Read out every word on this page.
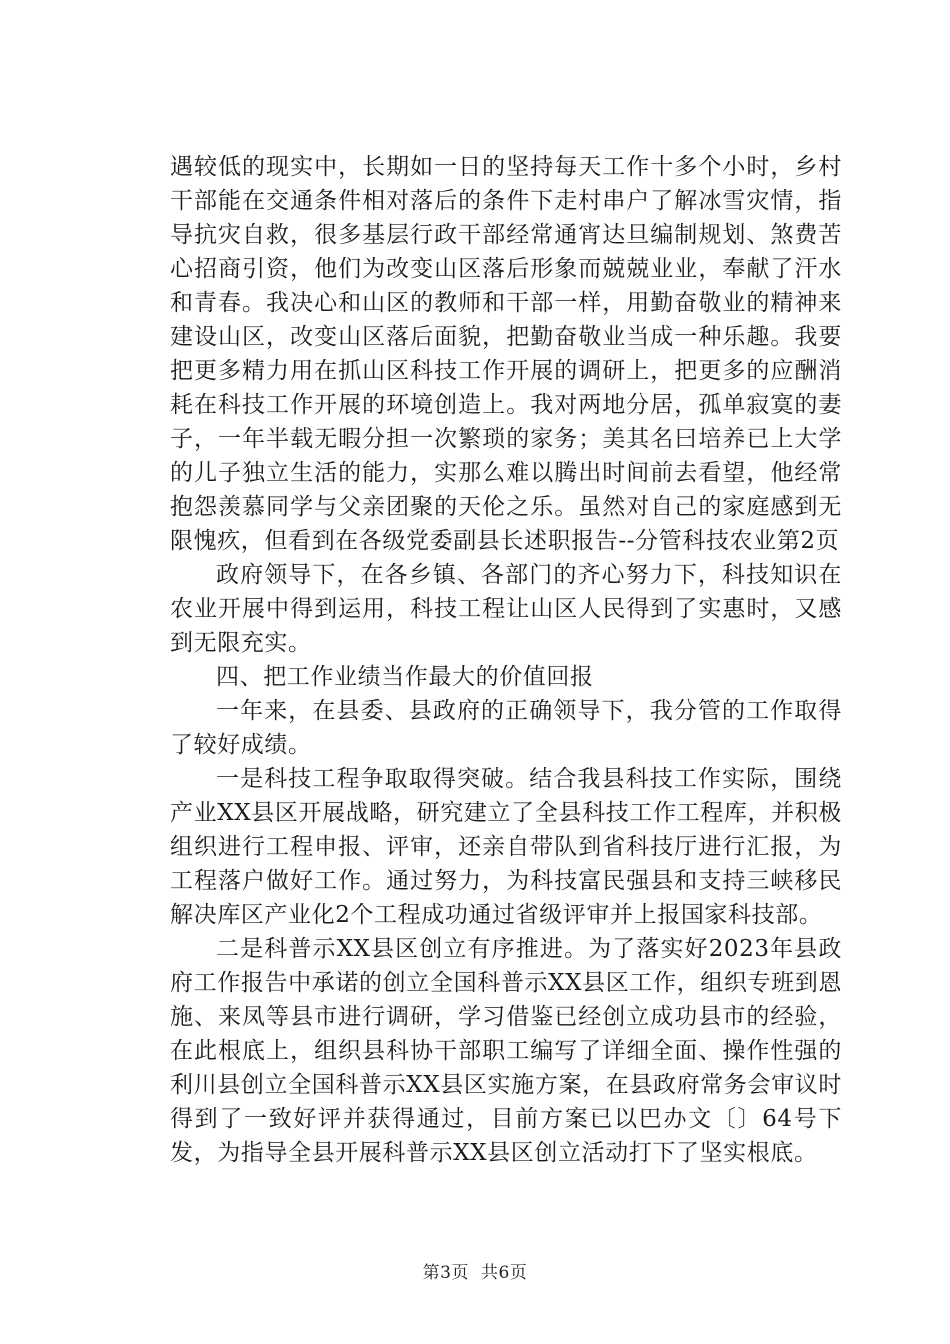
遇较低的现实中，长期如一日的坚持每天工作十多个小时，乡村干部能在交通条件相对落后的条件下走村串户了解冰雪灾情，指导抗灾自救，很多基层行政干部经常通宵达旦编制规划、煞费苦心招商引资，他们为改变山区落后形象而兢兢业业，奉献了汗水和青春。我决心和山区的教师和干部一样，用勤奋敬业的精神来建设山区，改变山区落后面貌，把勤奋敬业当成一种乐趣。我要把更多精力用在抓山区科技工作开展的调研上，把更多的应酬消耗在科技工作开展的环境创造上。我对两地分居，孤单寂寞的妻子，一年半载无暇分担一次繁琐的家务；美其名曰培养已上大学的儿子独立生活的能力，实那么难以腾出时间前去看望，他经常抱怨羡慕同学与父亲团聚的天伦之乐。虽然对自己的家庭感到无限愧疚，但看到在各级党委副县长述职报告--分管科技农业第2页

政府领导下，在各乡镇、各部门的齐心努力下，科技知识在农业开展中得到运用，科技工程让山区人民得到了实惠时，又感到无限充实。

四、把工作业绩当作最大的价值回报

一年来，在县委、县政府的正确领导下，我分管的工作取得了较好成绩。

一是科技工程争取取得突破。结合我县科技工作实际，围绕产业XX县区开展战略，研究建立了全县科技工作工程库，并积极组织进行工程申报、评审，还亲自带队到省科技厅进行汇报，为工程落户做好工作。通过努力，为科技富民强县和支持三峡移民解决库区产业化2个工程成功通过省级评审并上报国家科技部。

二是科普示XX县区创立有序推进。为了落实好2023年县政府工作报告中承诺的创立全国科普示XX县区工作，组织专班到恩施、来凤等县市进行调研，学习借鉴已经创立成功县市的经验，在此根底上，组织县科协干部职工编写了详细全面、操作性强的利川县创立全国科普示XX县区实施方案，在县政府常务会审议时得到了一致好评并获得通过，目前方案已以巴办文〔〕64号下发，为指导全县开展科普示XX县区创立活动打下了坚实根底。

第3页 共6页
